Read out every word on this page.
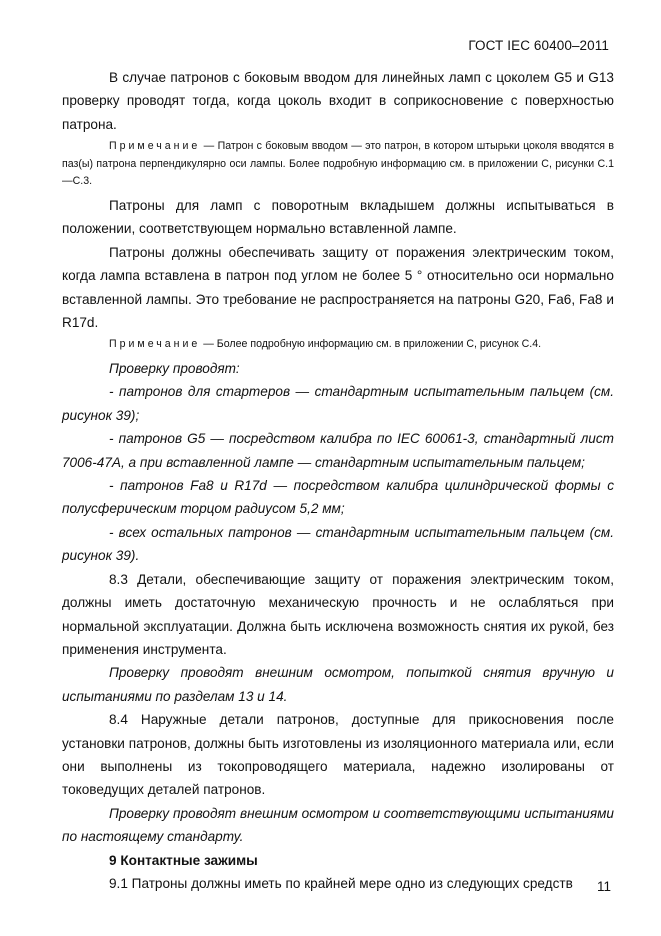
ГОСТ IEC 60400–2011

В случае патронов с боковым вводом для линейных ламп с цоколем G5 и G13 проверку проводят тогда, когда цоколь входит в соприкосновение с поверхностью патрона.

Примечание — Патрон с боковым вводом — это патрон, в котором штырьки цоколя вводятся в паз(ы) патрона перпендикулярно оси лампы. Более подробную информацию см. в приложении С, рисунки С.1—С.3.

Патроны для ламп с поворотным вкладышем должны испытываться в положении, соответствующем нормально вставленной лампе.

Патроны должны обеспечивать защиту от поражения электрическим током, когда лампа вставлена в патрон под углом не более 5 ° относительно оси нормально вставленной лампы. Это требование не распространяется на патроны G20, Fa6, Fa8 и R17d.

Примечание — Более подробную информацию см. в приложении С, рисунок С.4.

Проверку проводят:

- патронов для стартеров — стандартным испытательным пальцем (см. рисунок 39);

- патронов G5 — посредством калибра по IEC 60061-3, стандартный лист 7006-47А, а при вставленной лампе — стандартным испытательным пальцем;

- патронов Fa8 и R17d — посредством калибра цилиндрической формы с полусферическим торцом радиусом 5,2 мм;

- всех остальных патронов — стандартным испытательным пальцем (см. рисунок 39).

8.3 Детали, обеспечивающие защиту от поражения электрическим током, должны иметь достаточную механическую прочность и не ослабляться при нормальной эксплуатации. Должна быть исключена возможность снятия их рукой, без применения инструмента.

Проверку проводят внешним осмотром, попыткой снятия вручную и испытаниями по разделам 13 и 14.

8.4 Наружные детали патронов, доступные для прикосновения после установки патронов, должны быть изготовлены из изоляционного материала или, если они выполнены из токопроводящего материала, надежно изолированы от токоведущих деталей патронов.

Проверку проводят внешним осмотром и соответствующими испытаниями по настоящему стандарту.

9 Контактные зажимы

9.1 Патроны должны иметь по крайней мере одно из следующих средств	11
